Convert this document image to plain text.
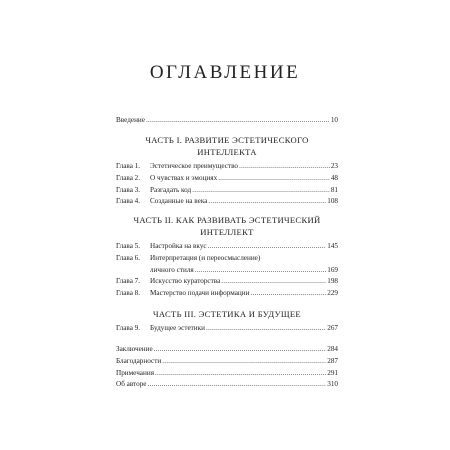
ОГЛАВЛЕНИЕ
Введение .....	10
ЧАСТЬ I. РАЗВИТИЕ ЭСТЕТИЧЕСКОГО
ИНТЕЛЛЕКТА
Глава 1.	Эстетическое преимущество .....	23
Глава 2.	О чувствах и эмоциях .....	48
Глава 3.	Разгадать код .....	81
Глава 4.	Созданные на века .....	108
ЧАСТЬ II. КАК РАЗВИВАТЬ ЭСТЕТИЧЕСКИЙ
ИНТЕЛЛЕКТ
Глава 5.	Настройка на вкус .....	145
Глава 6.	Интерпретация (и переосмысление)
личного стиля .....	169
Глава 7.	Искусство кураторства .....	198
Глава 8.	Мастерство подачи информации .....	229
ЧАСТЬ III. ЭСТЕТИКА И БУДУЩЕЕ
Глава 9.	Будущее эстетики .....	267
Заключение .....	284
Благодарности .....	287
Примечания .....	291
Об авторе .....	310
